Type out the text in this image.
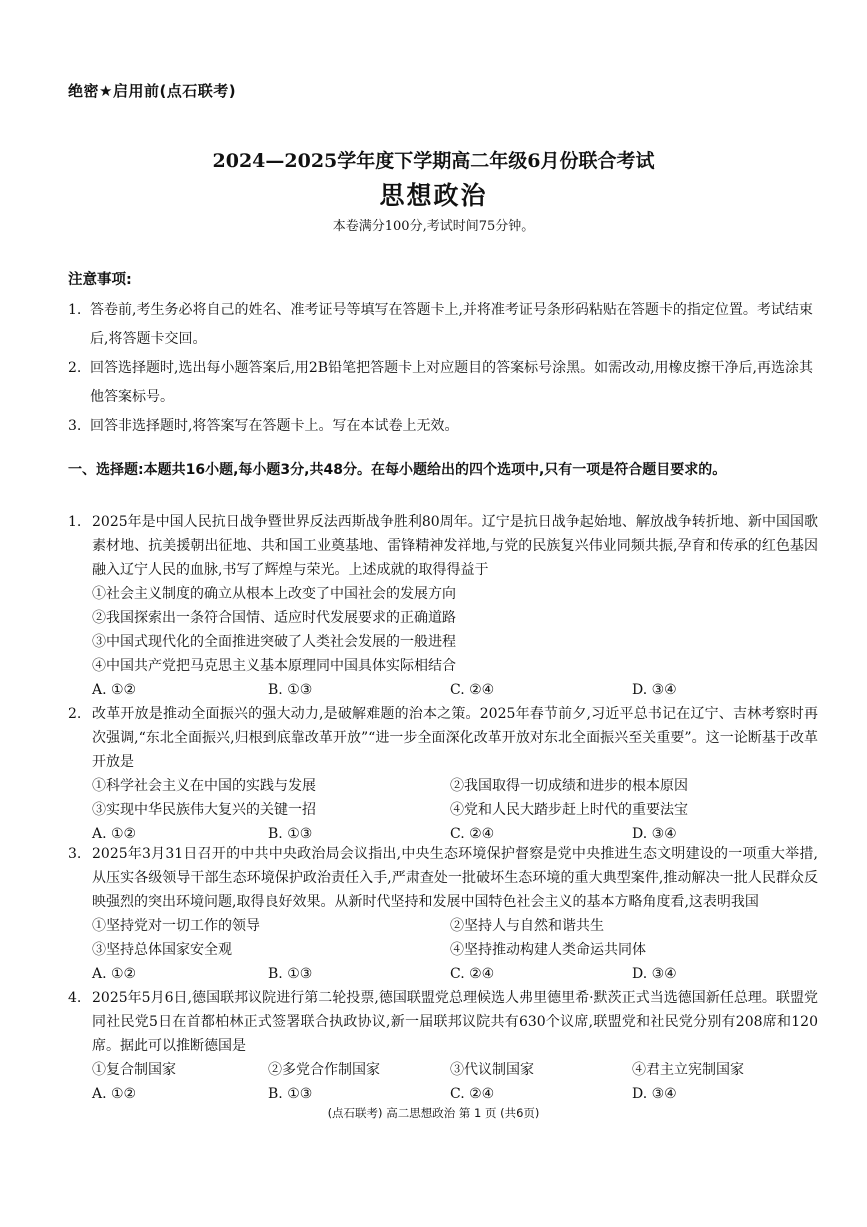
绝密★启用前(点石联考)
2024—2025学年度下学期高二年级6月份联合考试
思想政治
本卷满分100分,考试时间75分钟。
注意事项:
1. 答卷前,考生务必将自己的姓名、准考证号等填写在答题卡上,并将准考证号条形码粘贴在答题卡的指定位置。考试结束后,将答题卡交回。
2. 回答选择题时,选出每小题答案后,用2B铅笔把答题卡上对应题目的答案标号涂黑。如需改动,用橡皮擦干净后,再选涂其他答案标号。
3. 回答非选择题时,将答案写在答题卡上。写在本试卷上无效。
一、选择题:本题共16小题,每小题3分,共48分。在每小题给出的四个选项中,只有一项是符合题目要求的。
1. 2025年是中国人民抗日战争暨世界反法西斯战争胜利80周年。辽宁是抗日战争起始地、解放战争转折地、新中国国歌素材地、抗美援朝出征地、共和国工业奠基地、雷锋精神发祥地,与党的民族复兴伟业同频共振,孕育和传承的红色基因融入辽宁人民的血脉,书写了辉煌与荣光。上述成就的取得得益于
①社会主义制度的确立从根本上改变了中国社会的发展方向
②我国探索出一条符合国情、适应时代发展要求的正确道路
③中国式现代化的全面推进突破了人类社会发展的一般进程
④中国共产党把马克思主义基本原理同中国具体实际相结合
A. ①②	B. ①③	C. ②④	D. ③④
2. 改革开放是推动全面振兴的强大动力,是破解难题的治本之策。2025年春节前夕,习近平总书记在辽宁、吉林考察时再次强调,“东北全面振兴,归根到底靠改革开放”“进一步全面深化改革开放对东北全面振兴至关重要”。这一论断基于改革开放是
①科学社会主义在中国的实践与发展	②我国取得一切成绩和进步的根本原因
③实现中华民族伟大复兴的关键一招	④党和人民大踏步赶上时代的重要法宝
A. ①②	B. ①③	C. ②④	D. ③④
3. 2025年3月31日召开的中共中央政治局会议指出,中央生态环境保护督察是党中央推进生态文明建设的一项重大举措,从压实各级领导干部生态环境保护政治责任入手,严肃查处一批破坏生态环境的重大典型案件,推动解决一批人民群众反映强烈的突出环境问题,取得良好效果。从新时代坚持和发展中国特色社会主义的基本方略角度看,这表明我国
①坚持党对一切工作的领导	②坚持人与自然和谐共生
③坚持总体国家安全观	④坚持推动构建人类命运共同体
A. ①②	B. ①③	C. ②④	D. ③④
4. 2025年5月6日,德国联邦议院进行第二轮投票,德国联盟党总理候选人弗里德里希·默茨正式当选德国新任总理。联盟党同社民党5日在首都柏林正式签署联合执政协议,新一届联邦议院共有630个议席,联盟党和社民党分别有208席和120席。据此可以推断德国是
①复合制国家	②多党合作制国家	③代议制国家	④君主立宪制国家
A. ①②	B. ①③	C. ②④	D. ③④
(点石联考) 高二思想政治 第 1 页 (共6页)
